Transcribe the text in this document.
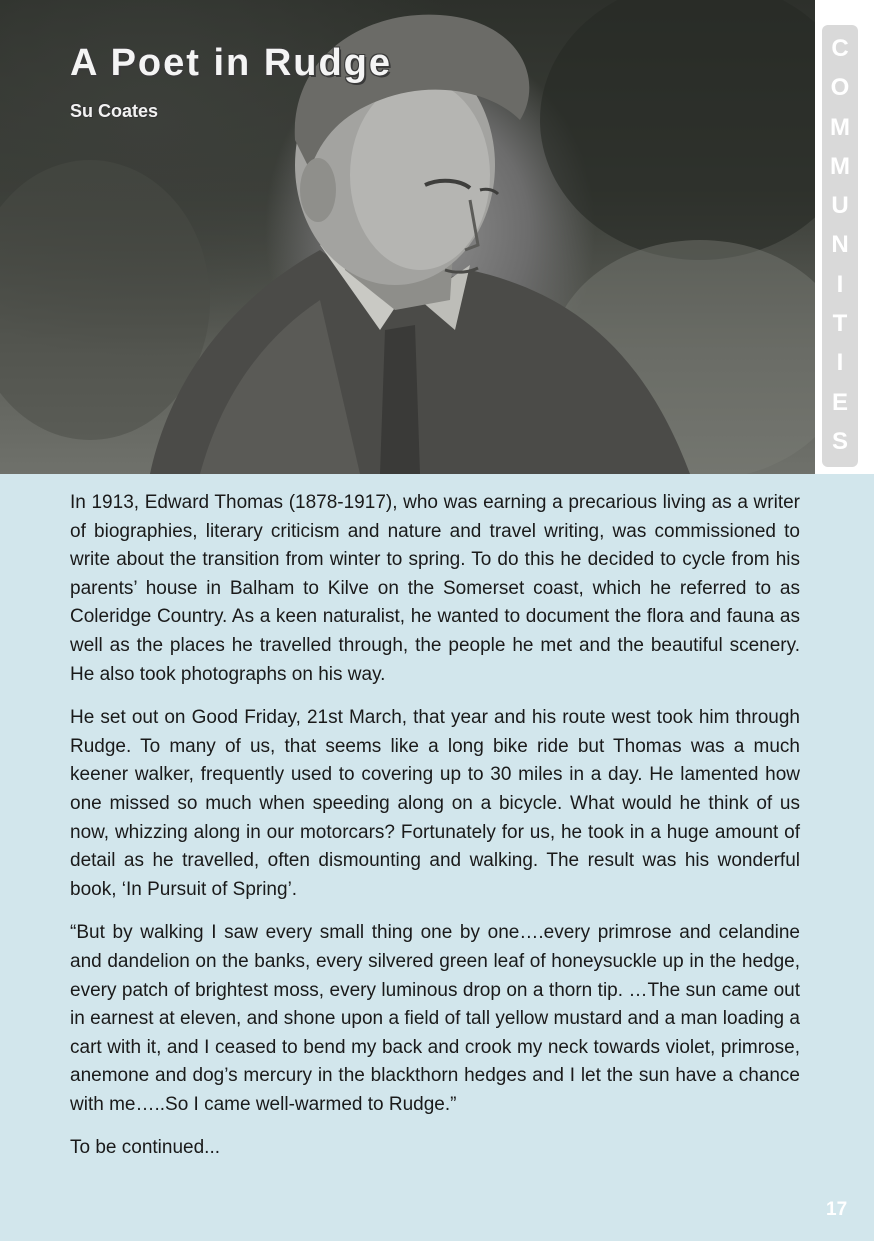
A Poet in Rudge
Su Coates
C
O
M
M
U
N
I
T
I
E
S

In 1913, Edward Thomas (1878-1917), who was earning a precarious living as a writer of biographies, literary criticism and nature and travel writing, was commissioned to write about the transition from winter to spring. To do this he decided to cycle from his parents’ house in Balham to Kilve on the Somerset coast, which he referred to as Coleridge Country. As a keen naturalist, he wanted to document the flora and fauna as well as the places he travelled through, the people he met and the beautiful scenery. He also took photographs on his way.

He set out on Good Friday, 21st March, that year and his route west took him through Rudge. To many of us, that seems like a long bike ride but Thomas was a much keener walker, frequently used to covering up to 30 miles in a day. He lamented how one missed so much when speeding along on a bicycle. What would he think of us now, whizzing along in our motorcars? Fortunately for us, he took in a huge amount of detail as he travelled, often dismounting and walking. The result was his wonderful book, ‘In Pursuit of Spring’.

“But by walking I saw every small thing one by one….every primrose and celandine and dandelion on the banks, every silvered green leaf of honeysuckle up in the hedge, every patch of brightest moss, every luminous drop on a thorn tip. …The sun came out in earnest at eleven, and shone upon a field of tall yellow mustard and a man loading a cart with it, and I ceased to bend my back and crook my neck towards violet, primrose, anemone and dog’s mercury in the blackthorn hedges and I let the sun have a chance with me…..So I came well-warmed to Rudge.”

To be continued...

17
